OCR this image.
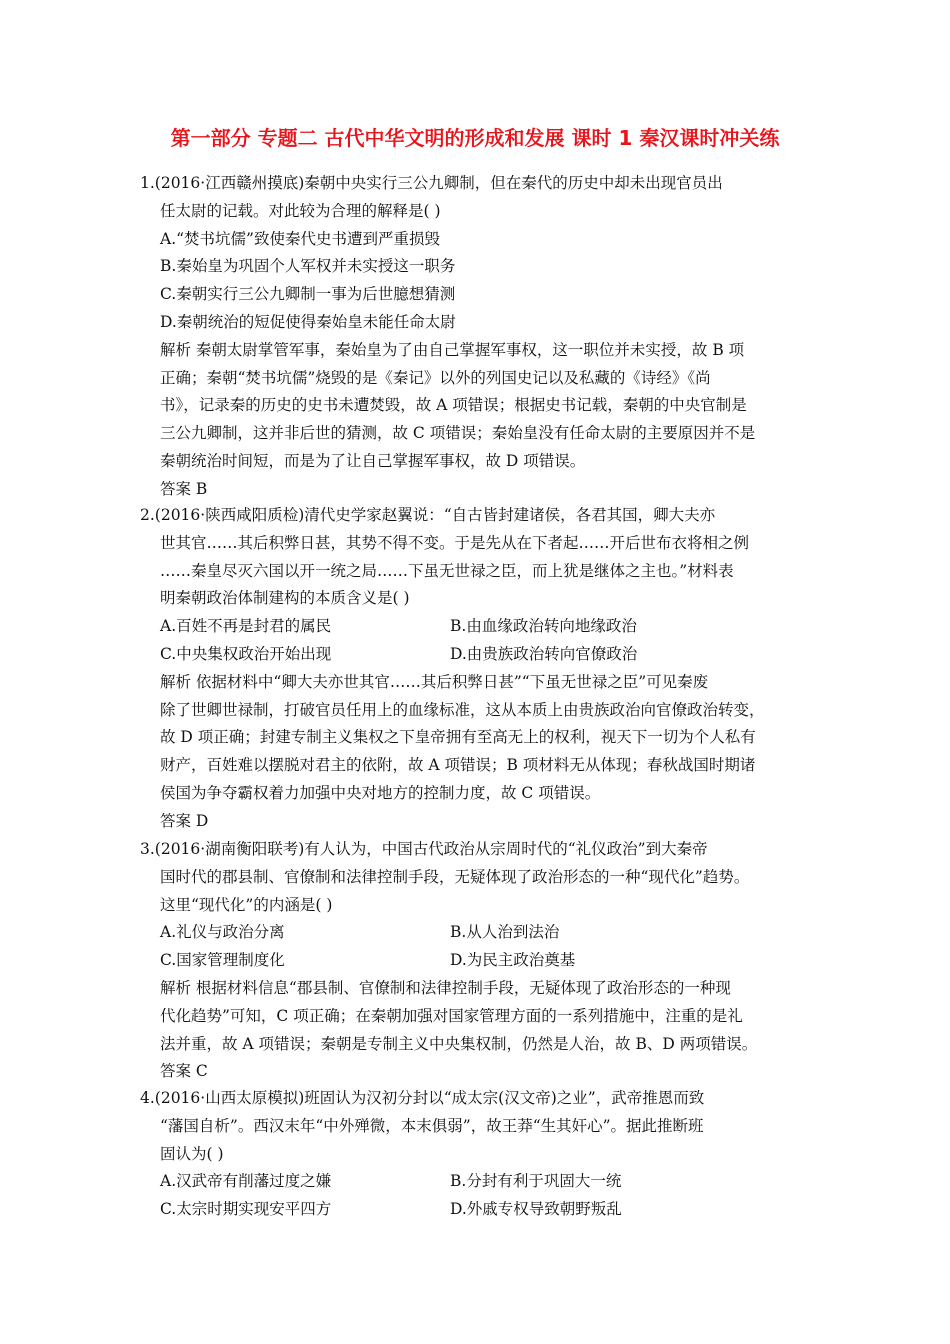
第一部分 专题二 古代中华文明的形成和发展 课时 1 秦汉课时冲关练
1.(2016·江西赣州摸底)秦朝中央实行三公九卿制，但在秦代的历史中却未出现官员出
任太尉的记载。对此较为合理的解释是( )
A.“焚书坑儒”致使秦代史书遭到严重损毁
B.秦始皇为巩固个人军权并未实授这一职务
C.秦朝实行三公九卿制一事为后世臆想猜测
D.秦朝统治的短促使得秦始皇未能任命太尉
解析 秦朝太尉掌管军事，秦始皇为了由自己掌握军事权，这一职位并未实授，故 B 项
正确；秦朝“焚书坑儒”烧毁的是《秦记》以外的列国史记以及私藏的《诗经》《尚
书》，记录秦的历史的史书未遭焚毁，故 A 项错误；根据史书记载，秦朝的中央官制是
三公九卿制，这并非后世的猜测，故 C 项错误；秦始皇没有任命太尉的主要原因并不是
秦朝统治时间短，而是为了让自己掌握军事权，故 D 项错误。
答案 B
2.(2016·陕西咸阳质检)清代史学家赵翼说：“自古皆封建诸侯，各君其国，卿大夫亦
世其官……其后积弊日甚，其势不得不变。于是先从在下者起……开后世布衣将相之例
……秦皇尽灭六国以开一统之局……下虽无世禄之臣，而上犹是继体之主也。”材料表
明秦朝政治体制建构的本质含义是( )
A.百姓不再是封君的属民	B.由血缘政治转向地缘政治
C.中央集权政治开始出现	D.由贵族政治转向官僚政治
解析 依据材料中“卿大夫亦世其官……其后积弊日甚”“下虽无世禄之臣”可见秦废
除了世卿世禄制，打破官员任用上的血缘标准，这从本质上由贵族政治向官僚政治转变，
故 D 项正确；封建专制主义集权之下皇帝拥有至高无上的权利，视天下一切为个人私有
财产，百姓难以摆脱对君主的依附，故 A 项错误；B 项材料无从体现；春秋战国时期诸
侯国为争夺霸权着力加强中央对地方的控制力度，故 C 项错误。
答案 D
3.(2016·湖南衡阳联考)有人认为，中国古代政治从宗周时代的“礼仪政治”到大秦帝
国时代的郡县制、官僚制和法律控制手段，无疑体现了政治形态的一种“现代化”趋势。
这里“现代化”的内涵是( )
A.礼仪与政治分离	B.从人治到法治
C.国家管理制度化	D.为民主政治奠基
解析 根据材料信息“郡县制、官僚制和法律控制手段，无疑体现了政治形态的一种现
代化趋势”可知，C 项正确；在秦朝加强对国家管理方面的一系列措施中，注重的是礼
法并重，故 A 项错误；秦朝是专制主义中央集权制，仍然是人治，故 B、D 两项错误。
答案 C
4.(2016·山西太原模拟)班固认为汉初分封以“成太宗(汉文帝)之业”，武帝推恩而致
“藩国自析”。西汉末年“中外殚微，本末俱弱”，故王莽“生其奸心”。据此推断班
固认为( )
A.汉武帝有削藩过度之嫌	B.分封有利于巩固大一统
C.太宗时期实现安平四方	D.外戚专权导致朝野叛乱
